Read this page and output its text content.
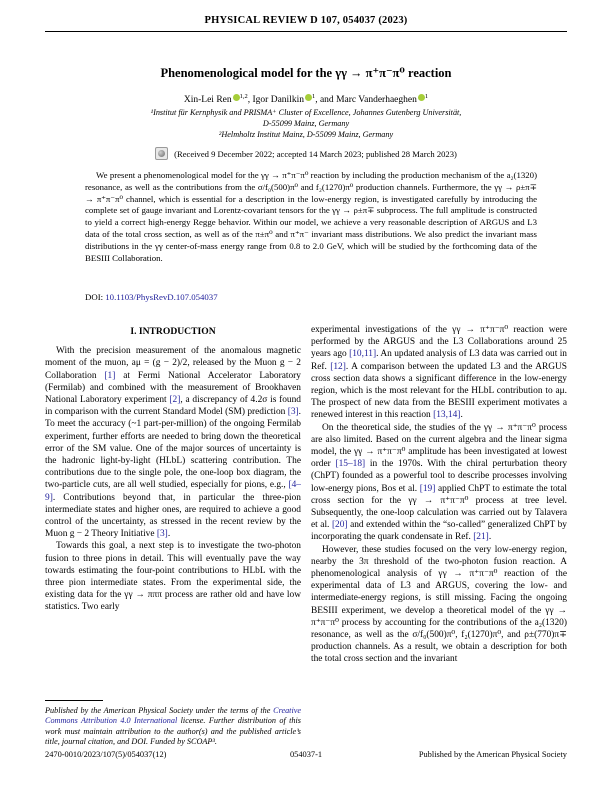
PHYSICAL REVIEW D 107, 054037 (2023)
Phenomenological model for the γγ → π⁺π⁻π⁰ reaction
Xin-Lei Ren $^{1,2}$, Igor Danilkin $^1$, and Marc Vanderhaeghen $^1$
¹Institut für Kernphysik and PRISMA⁺ Cluster of Excellence, Johannes Gutenberg Universität,
D-55099 Mainz, Germany
²Helmholtz Institut Mainz, D-55099 Mainz, Germany
(Received 9 December 2022; accepted 14 March 2023; published 28 March 2023)
We present a phenomenological model for the γγ → π⁺π⁻π⁰ reaction by including the production mechanism of the a₂(1320) resonance, as well as the contributions from the σ/f₀(500)π⁰ and f₂(1270)π⁰ production channels. Furthermore, the γγ → ρ±π∓ → π⁺π⁻π⁰ channel, which is essential for a description in the low-energy region, is investigated carefully by introducing the complete set of gauge invariant and Lorentz-covariant tensors for the γγ → ρ±π∓ subprocess. The full amplitude is constructed to yield a correct high-energy Regge behavior. Within our model, we achieve a very reasonable description of ARGUS and L3 data of the total cross section, as well as of the π±π⁰ and π⁺π⁻ invariant mass distributions. We also predict the invariant mass distributions in the γγ center-of-mass energy range from 0.8 to 2.0 GeV, which will be studied by the forthcoming data of the BESIII Collaboration.
DOI: 10.1103/PhysRevD.107.054037
I. INTRODUCTION

With the precision measurement of the anomalous magnetic moment of the muon, aμ = (g − 2)/2, released by the Muon g − 2 Collaboration [1] at Fermi National Accelerator Laboratory (Fermilab) and combined with the measurement of Brookhaven National Laboratory experiment [2], a discrepancy of 4.2σ is found in comparison with the current Standard Model (SM) prediction [3]. To meet the accuracy (~1 part-per-million) of the ongoing Fermilab experiment, further efforts are needed to bring down the theoretical error of the SM value. One of the major sources of uncertainty is the hadronic light-by-light (HLbL) scattering contribution. The contributions due to the single pole, the one-loop box diagram, the two-particle cuts, are all well studied, especially for pions, e.g., [4–9]. Contributions beyond that, in particular the three-pion intermediate states and higher ones, are required to achieve a good control of the uncertainty, as stressed in the recent review by the Muon g − 2 Theory Initiative [3].

Towards this goal, a next step is to investigate the two-photon fusion to three pions in detail. This will eventually pave the way towards estimating the four-point contributions to HLbL with the three pion intermediate states. From the experimental side, the existing data for the γγ → πππ process are rather old and have low statistics. Two early

Published by the American Physical Society under the terms of the Creative Commons Attribution 4.0 International license. Further distribution of this work must maintain attribution to the author(s) and the published article’s title, journal citation, and DOI. Funded by SCOAP³.

experimental investigations of the γγ → π⁺π⁻π⁰ reaction were performed by the ARGUS and the L3 Collaborations around 25 years ago [10,11]. An updated analysis of L3 data was carried out in Ref. [12]. A comparison between the updated L3 and the ARGUS cross section data shows a significant difference in the low-energy region, which is the most relevant for the HLbL contribution to aμ. The prospect of new data from the BESIII experiment motivates a renewed interest in this reaction [13,14].

On the theoretical side, the studies of the γγ → π⁺π⁻π⁰ process are also limited. Based on the current algebra and the linear sigma model, the γγ → π⁺π⁻π⁰ amplitude has been investigated at lowest order [15–18] in the 1970s. With the chiral perturbation theory (ChPT) founded as a powerful tool to describe processes involving low-energy pions, Bos et al. [19] applied ChPT to estimate the total cross section for the γγ → π⁺π⁻π⁰ process at tree level. Subsequently, the one-loop calculation was carried out by Talavera et al. [20] and extended within the “so-called” generalized ChPT by incorporating the quark condensate in Ref. [21].

However, these studies focused on the very low-energy region, nearby the 3π threshold of the two-photon fusion reaction. A phenomenological analysis of γγ → π⁺π⁻π⁰ reaction of the experimental data of L3 and ARGUS, covering the low- and intermediate-energy regions, is still missing. Facing the ongoing BESIII experiment, we develop a theoretical model of the γγ → π⁺π⁻π⁰ process by accounting for the contributions of the a₂(1320) resonance, as well as the σ/f₀(500)π⁰, f₂(1270)π⁰, and ρ±(770)π∓ production channels. As a result, we obtain a description for both the total cross section and the invariant

054037-1
2470-0010/2023/107(5)/054037(12)	Published by the American Physical Society
